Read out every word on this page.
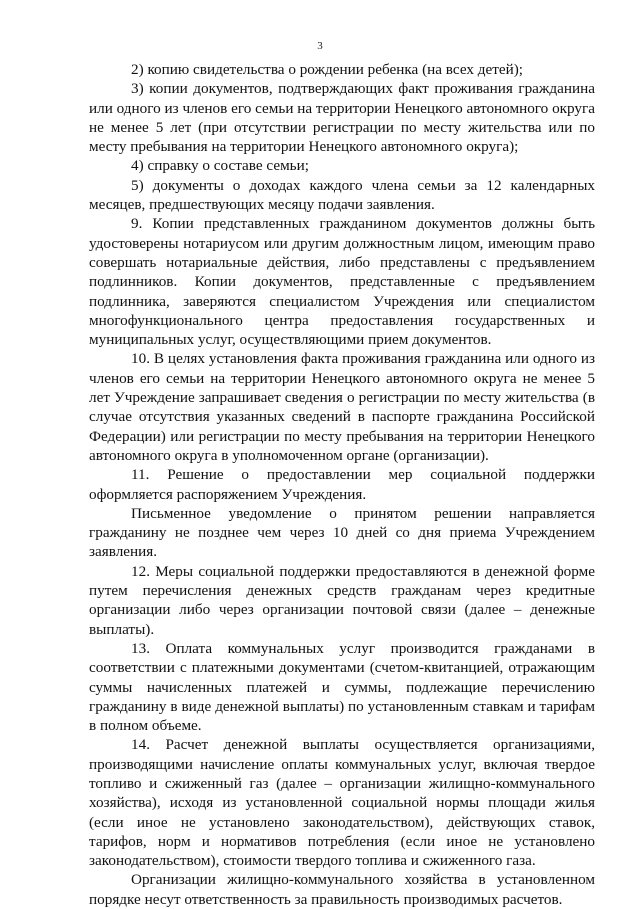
3

2) копию свидетельства о рождении ребенка (на всех детей);

3) копии документов, подтверждающих факт проживания гражданина или одного из членов его семьи на территории Ненецкого автономного округа не менее 5 лет (при отсутствии регистрации по месту жительства или по месту пребывания на территории Ненецкого автономного округа);

4) справку о составе семьи;

5) документы о доходах каждого члена семьи за 12 календарных месяцев, предшествующих месяцу подачи заявления.

9. Копии представленных гражданином документов должны быть удостоверены нотариусом или другим должностным лицом, имеющим право совершать нотариальные действия, либо представлены с предъявлением подлинников. Копии документов, представленные с предъявлением подлинника, заверяются специалистом Учреждения или специалистом многофункционального центра предоставления государственных и муниципальных услуг, осуществляющими прием документов.

10. В целях установления факта проживания гражданина или одного из членов его семьи на территории Ненецкого автономного округа не менее 5 лет Учреждение запрашивает сведения о регистрации по месту жительства (в случае отсутствия указанных сведений в паспорте гражданина Российской Федерации) или регистрации по месту пребывания на территории Ненецкого автономного округа в уполномоченном органе (организации).

11. Решение о предоставлении мер социальной поддержки оформляется распоряжением Учреждения.

Письменное уведомление о принятом решении направляется гражданину не позднее чем через 10 дней со дня приема Учреждением заявления.

12. Меры социальной поддержки предоставляются в денежной форме путем перечисления денежных средств гражданам через кредитные организации либо через организации почтовой связи (далее – денежные выплаты).

13. Оплата коммунальных услуг производится гражданами в соответствии с платежными документами (счетом-квитанцией, отражающим суммы начисленных платежей и суммы, подлежащие перечислению гражданину в виде денежной выплаты) по установленным ставкам и тарифам в полном объеме.

14. Расчет денежной выплаты осуществляется организациями, производящими начисление оплаты коммунальных услуг, включая твердое топливо и сжиженный газ (далее – организации жилищно-коммунального хозяйства), исходя из установленной социальной нормы площади жилья (если иное не установлено законодательством), действующих ставок, тарифов, норм и нормативов потребления (если иное не установлено законодательством), стоимости твердого топлива и сжиженного газа.

Организации жилищно-коммунального хозяйства в установленном порядке несут ответственность за правильность производимых расчетов.
